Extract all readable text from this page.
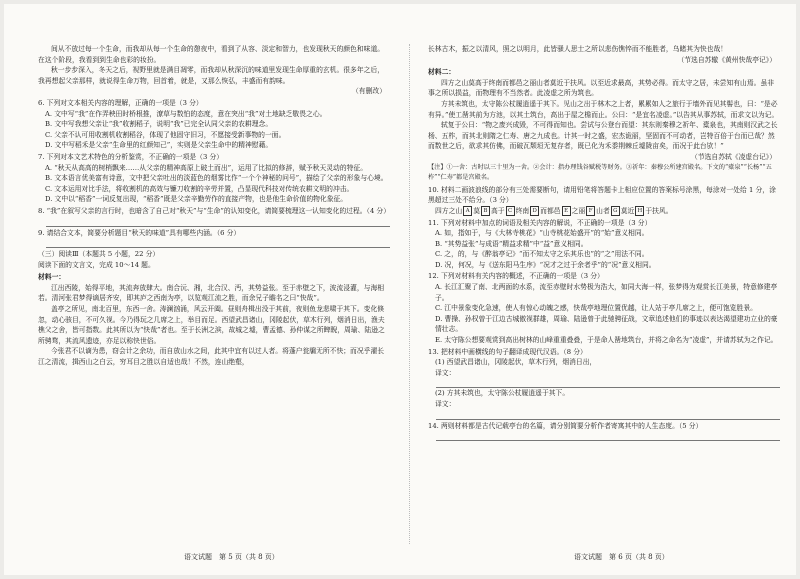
间从不放过每一个生命，而我却从每一个生命的憩夜中，看到了从容、淡定和智力，也发现秋天的颜色和味道。在这个阶段，我看到到生命也彩的妆扮。

秋一步步深入，冬天之后，视野里就是满目凋零，而我却从秋深沉的味道里发现生命厚重的玄机。很多年之后，我再想起父亲那样，就说得生命万物，回首着，就是，又那么恢弘，丰盛而有韵味。

（有删改）

6. 下列对文本相关内容的理解，正确的一项是（3 分）

A. 文中写“我”在作弄秧田时桥根推，潦草与数怕的态度，意在突出“我”对土地缺乏敬畏之心。

B. 文中写我想父亲让“我”收割稻子，说明“我”已完全认同父亲的农耕理念。

C. 父亲不认可用收割机收割稻谷，体现了他固守旧习，不愿接受新事物的一面。

D. 文中写稻禾是父亲“生命里的红颜知己”，实则是父亲生命中的精神慰藉。

7. 下列对本文艺术特色的分析鉴赏，不正确的一项是（3 分）

A. “秋天从高高的树梢飘来……从父亲的精神高原上破土而出”，运用了比拟的修辞，赋予秋天灵动的特征。

B. 文本语言优美富有诗意，文中把父亲吐出的淡蓝色的烟雾比作“一个个神秘的问号”，描绘了父亲的形象与心境。

C. 文本运用对比手法，将收割机的高效与镰刀收割的辛劳并置，凸显现代科技对传统农耕文明的冲击。

D. 文中以“稻香”一词反复出现，“稻香”既是父亲辛勤劳作的直接产物，也是他生命价值的物化象征。

8. “我”在叙写父亲的言行时，也暗含了自己对“秋天”与“生命”的认知变化，请简要梳理这一认知变化的过程。（4 分）

9. 请结合文本，简要分析题目“秋天的味道”具有哪些内涵。（6 分）

（三）阅读Ⅲ（本题共 5 小题，22 分）

阅读下面的文言文，完成 10～14 题。

材料一：

江出西陵，始得平地，其流奔放肆大。南合沅、湘，北合汉、沔，其势益张。至于赤壁之下，波流浸灌，与海相若。清河张君梦得谪居齐安，即其庐之西南为亭，以览观江流之胜，而余兄子瞻名之曰“快哉”。

盖亭之所见，南北百里，东西一舍。涛澜汹涌，风云开阖。昼则舟楫出没于其前，夜则鱼龙悲啸于其下。变化倏忽，动心骇目，不可久视。今乃得玩之几席之上，举目而足。西望武昌诸山，冈陵起伏，草木行列，烟消日出，渔夫樵父之舍，皆可指数。此其所以为“快哉”者也。至于长洲之滨，故城之墟，曹孟德、孙仲谋之所睥睨，周瑜、陆逊之所骋骛，其流风遗迹，亦足以称快世俗。

今张君不以谪为患，窃会计之余功，而自放山水之间，此其中宜有以过人者。将蓬户瓮牖无所不快；而况乎濯长江之清流，揖西山之白云，穷耳目之胜以自适也哉！不然，连山绝壑，

长林古木，振之以清风，照之以明月，此皆骚人思士之所以悲伤憔悴而不能胜者，乌睹其为快也哉！

（节选自苏辙《黄州快哉亭记》）

材料二：

四方之山莫高于终南而都邑之丽山者莫近于扶风。以至近求最高，其势必得。而太守之居，未尝知有山焉。虽非事之所以损益，而物理有不当然者。此凌虚之所为筑也。

方其未筑也，太守陈公杖履逍遥于其下。见山之出于林木之上者，累累如人之旅行于墙外而见其髻也，曰：“是必有异。”使工凿其前为方池，以其土筑台，高出于屋之檐而止。公曰：“是宜名凌虚。”以告其从事苏轼，而求文以为记。

轼复于公曰：“物之废兴成毁，不可得而知也。尝试与公登台而望：其东则秦穆之祈年、橐泉也，其南则汉武之长杨、五柞，而其北则隋之仁寿、唐之九成也。计其一时之盛，宏杰诡丽，坚固而不可动者，岂特百倍于台而已哉？然而数世之后，欲求其仿佛，而破瓦颓垣无复存者，既已化为禾黍荆棘丘墟陇亩矣，而况于此台欤！”

（节选自苏轼《凌虚台记》）

【注】①一舍：古时以三十里为一舍。②会计：指办理钱谷赋税等财务。③祈年：秦穆公所建宫殿名。下文的“橐泉”“长杨”“五柞”“仁寿”都是宫殿名。

10. 材料二画波浪线的部分有三处需要断句，请用铅笔将答题卡上相应位置的答案标号涂黑，每涂对一处给 1 分，涂黑超过三处不给分。（3 分）

四方之山 A 莫 B 高于 C 终南 D 而都邑 E 之丽 F 山者 G 莫近 H 于扶风。

11. 下列对材料中加点的词语及相关内容的解说，不正确的一项是（3 分）

A. 如，指如于，与《大林寺桃花》“山寺桃花始盛开”的“始”意义相同。

B. “其势益张”与成语“精益求精”中“益”意义相同。

C. 之，的，与《醉翁亭记》“而不知太守之乐其乐也”的“之”用法不同。

D. 况，何况，与《送东阳马生序》“况才之过于余者乎”的“况”意义相同。

12. 下列对材料有关内容的概述，不正确的一项是（3 分）

A. 长江汇聚了南、北两面的水系，流至赤壁时水势极为浩大，如同大海一样，张梦得为观赏长江美景，特意修建亭子。

C. 江中景象变化急速，使人有惊心动魄之感，快哉亭地理位置优越，让人站于亭几席之上，便可饱览胜景。

D. 曹操、孙权曾于江边古城傲视群雄，周瑜、陆逊曾于此驰骋征战，文章追述他们的事迹以表达渴望建功立业的豪情壮志。

E. 太守陈公想要观赏到高出树林的山峰重重叠叠，于是命人凿地筑台，并将之命名为“凌虚”，并请苏轼为之作记。

13. 把材料中画横线的句子翻译成现代汉语。（8 分）

(1) 西望武昌诸山，冈陵起伏，草木行列，烟消日出，

译文：

(2) 方其未筑也，太守陈公杖履逍遥于其下。

译文：

14. 两则材料都是古代记载亭台的名篇，请分别简要分析作者寄寓其中的人生态度。（5 分）

语文试题　第 5 页（共 8 页）	语文试题　第 6 页（共 8 页）
